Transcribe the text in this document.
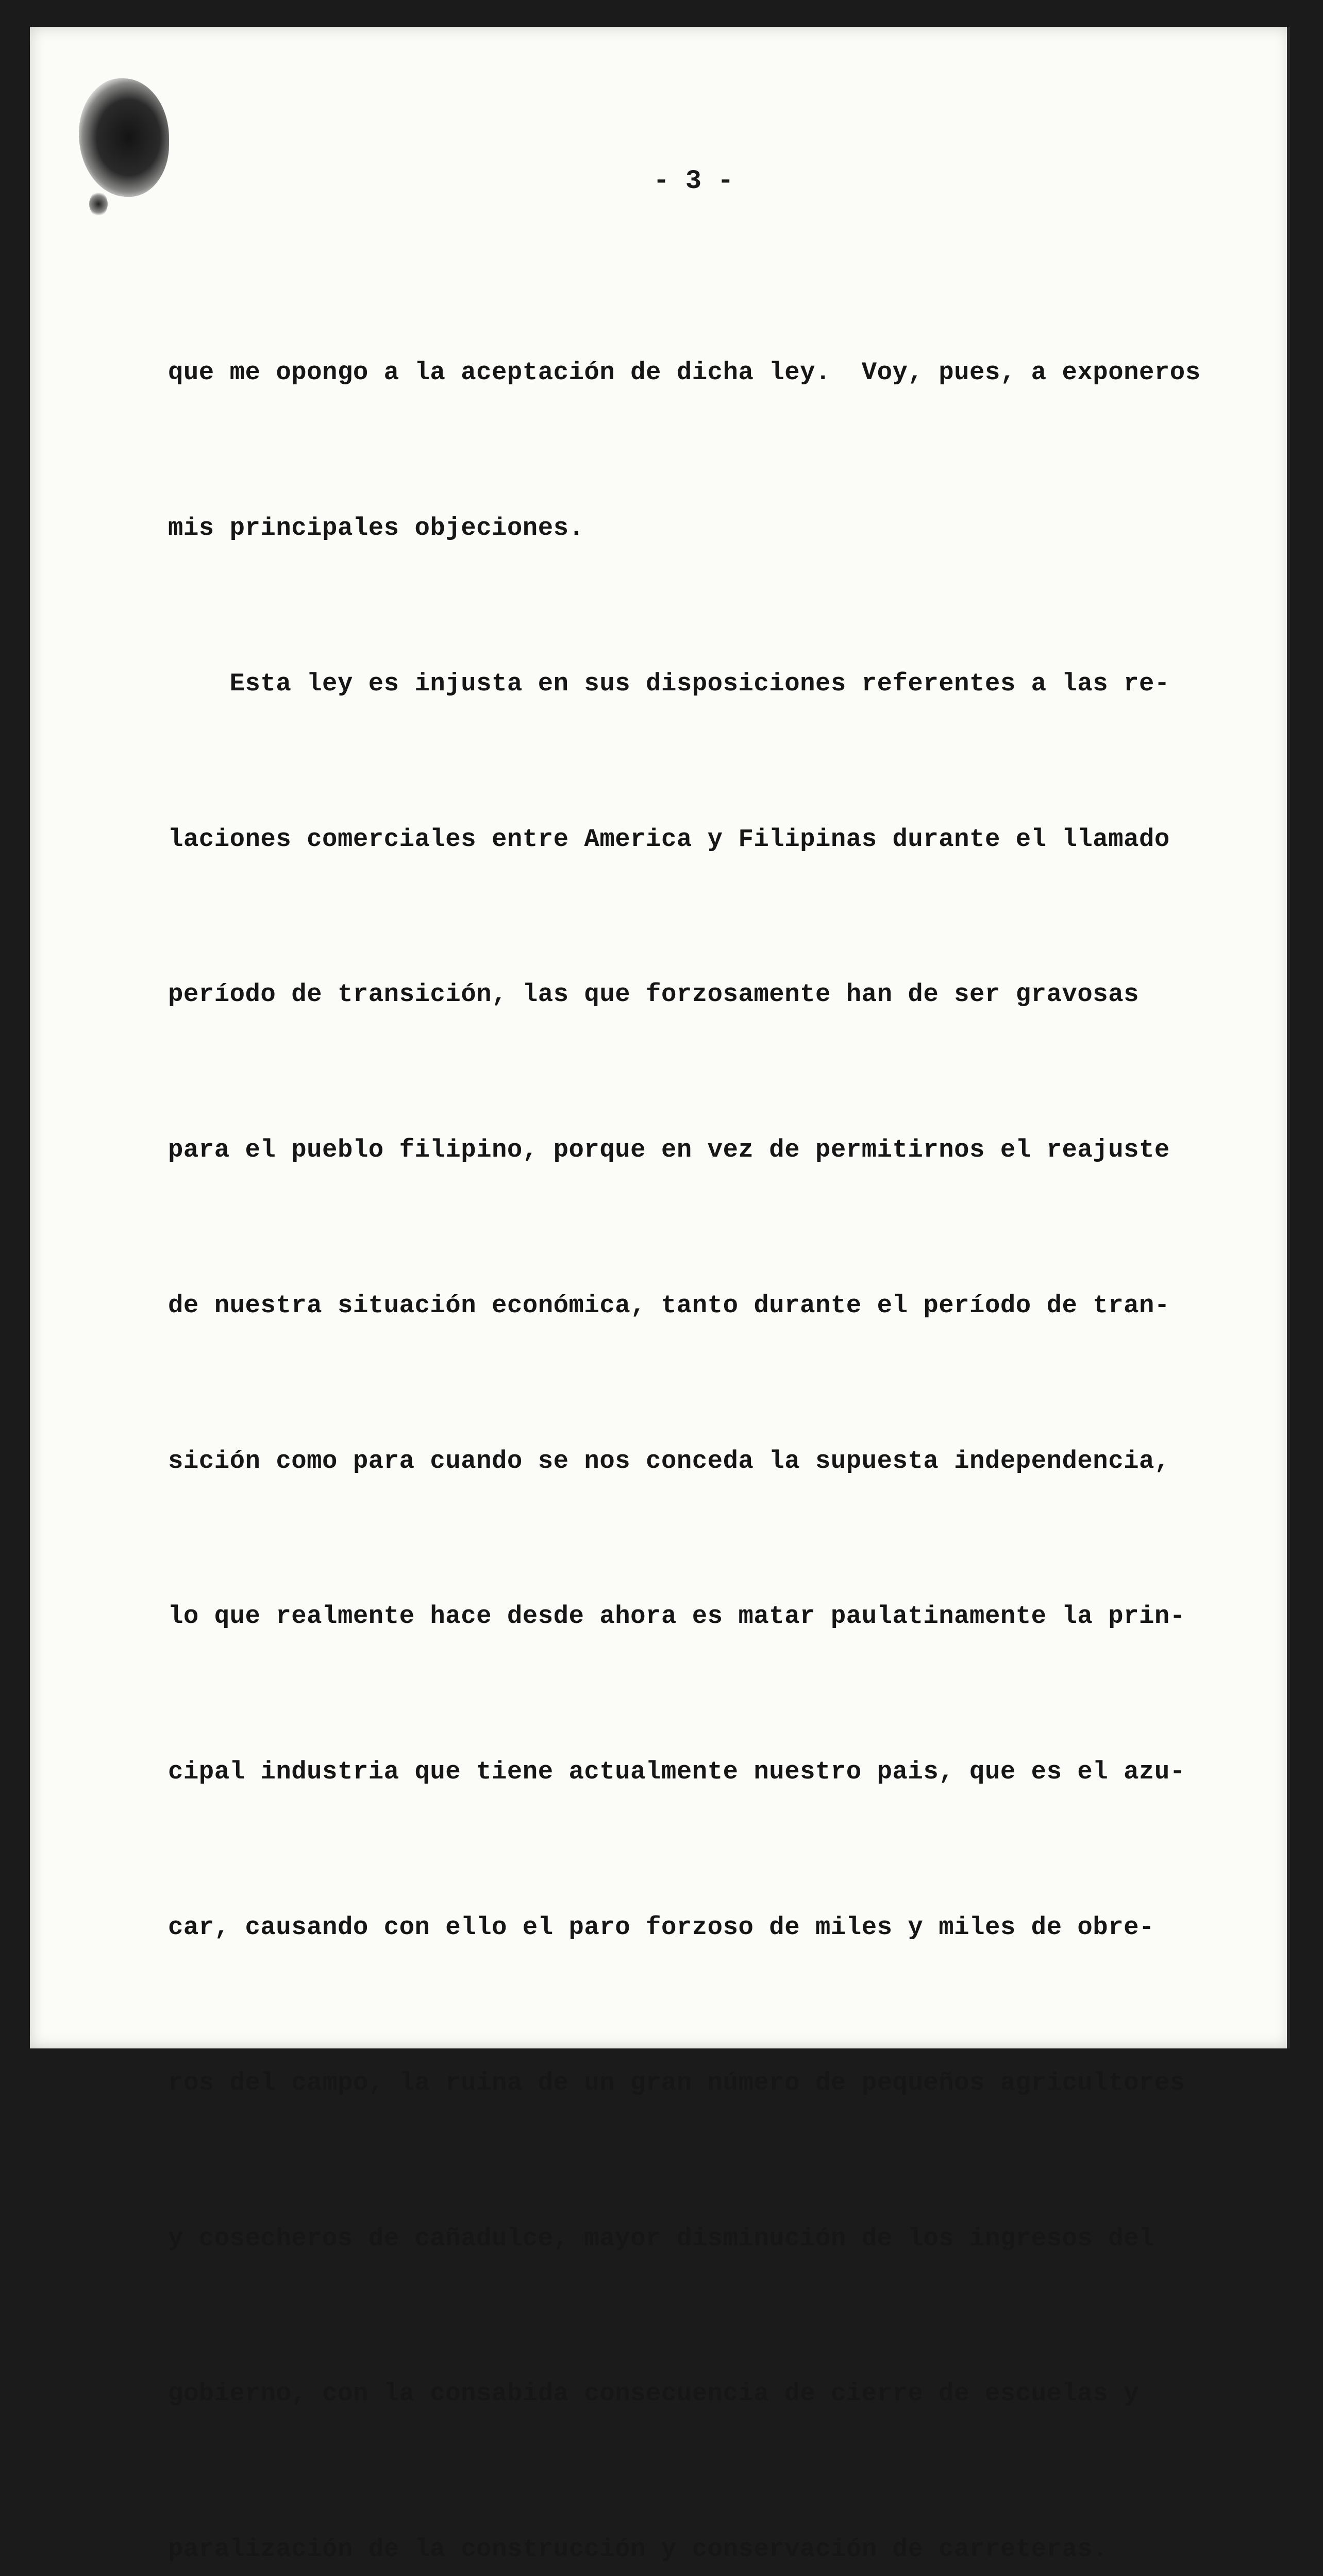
- 3 -

que me opongo a la aceptación de dicha ley.  Voy, pues, a exponeros

mis principales objeciones.

Esta ley es injusta en sus disposiciones referentes a las re-

laciones comerciales entre America y Filipinas durante el llamado

período de transición, las que forzosamente han de ser gravosas

para el pueblo filipino, porque en vez de permitirnos el reajuste

de nuestra situación económica, tanto durante el período de tran-

sición como para cuando se nos conceda la supuesta independencia,

lo que realmente hace desde ahora es matar paulatinamente la prin-

cipal industria que tiene actualmente nuestro pais, que es el azu-

car, causando con ello el paro forzoso de miles y miles de obre-

ros del campo, la ruina de un gran número de pequeños agricultores

y cosecheros de cañadulce, mayor disminución de los ingresos del

gobierno, con la consabida consecuencia de cierre de escuelas y

paralización de la construcción y conservación de carreteras.
